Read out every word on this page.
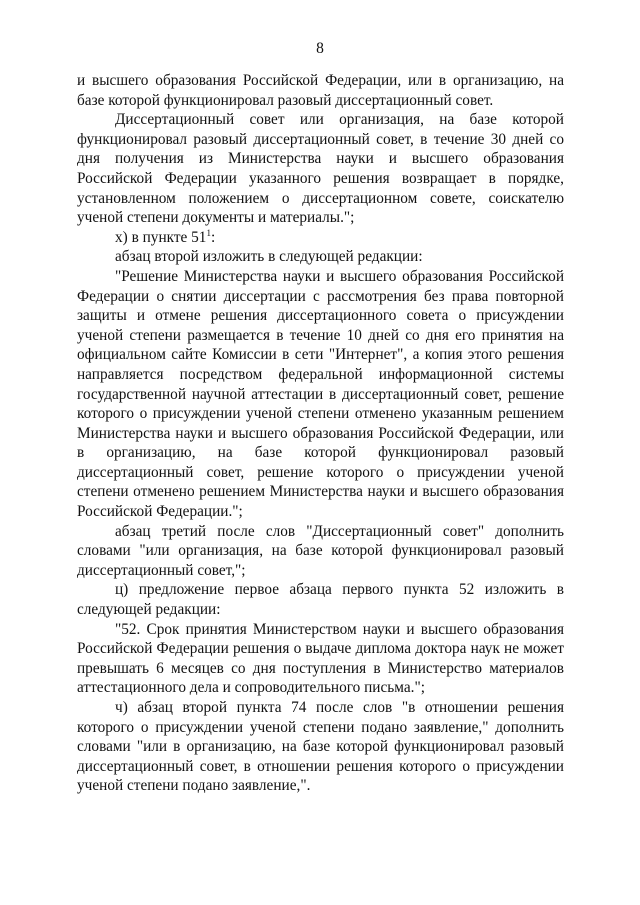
8

и высшего образования Российской Федерации, или в организацию, на базе которой функционировал разовый диссертационный совет.

Диссертационный совет или организация, на базе которой функционировал разовый диссертационный совет, в течение 30 дней со дня получения из Министерства науки и высшего образования Российской Федерации указанного решения возвращает в порядке, установленном положением о диссертационном совете, соискателю ученой степени документы и материалы.";

х) в пункте $51^1$:

абзац второй изложить в следующей редакции:

"Решение Министерства науки и высшего образования Российской Федерации о снятии диссертации с рассмотрения без права повторной защиты и отмене решения диссертационного совета о присуждении ученой степени размещается в течение 10 дней со дня его принятия на официальном сайте Комиссии в сети "Интернет", а копия этого решения направляется посредством федеральной информационной системы государственной научной аттестации в диссертационный совет, решение которого о присуждении ученой степени отменено указанным решением Министерства науки и высшего образования Российской Федерации, или в организацию, на базе которой функционировал разовый диссертационный совет, решение которого о присуждении ученой степени отменено решением Министерства науки и высшего образования Российской Федерации.";

абзац третий после слов "Диссертационный совет" дополнить словами "или организация, на базе которой функционировал разовый диссертационный совет,";

ц) предложение первое абзаца первого пункта 52 изложить в следующей редакции:

"52. Срок принятия Министерством науки и высшего образования Российской Федерации решения о выдаче диплома доктора наук не может превышать 6 месяцев со дня поступления в Министерство материалов аттестационного дела и сопроводительного письма.";

ч) абзац второй пункта 74 после слов "в отношении решения которого о присуждении ученой степени подано заявление," дополнить словами "или в организацию, на базе которой функционировал разовый диссертационный совет, в отношении решения которого о присуждении ученой степени подано заявление,".
